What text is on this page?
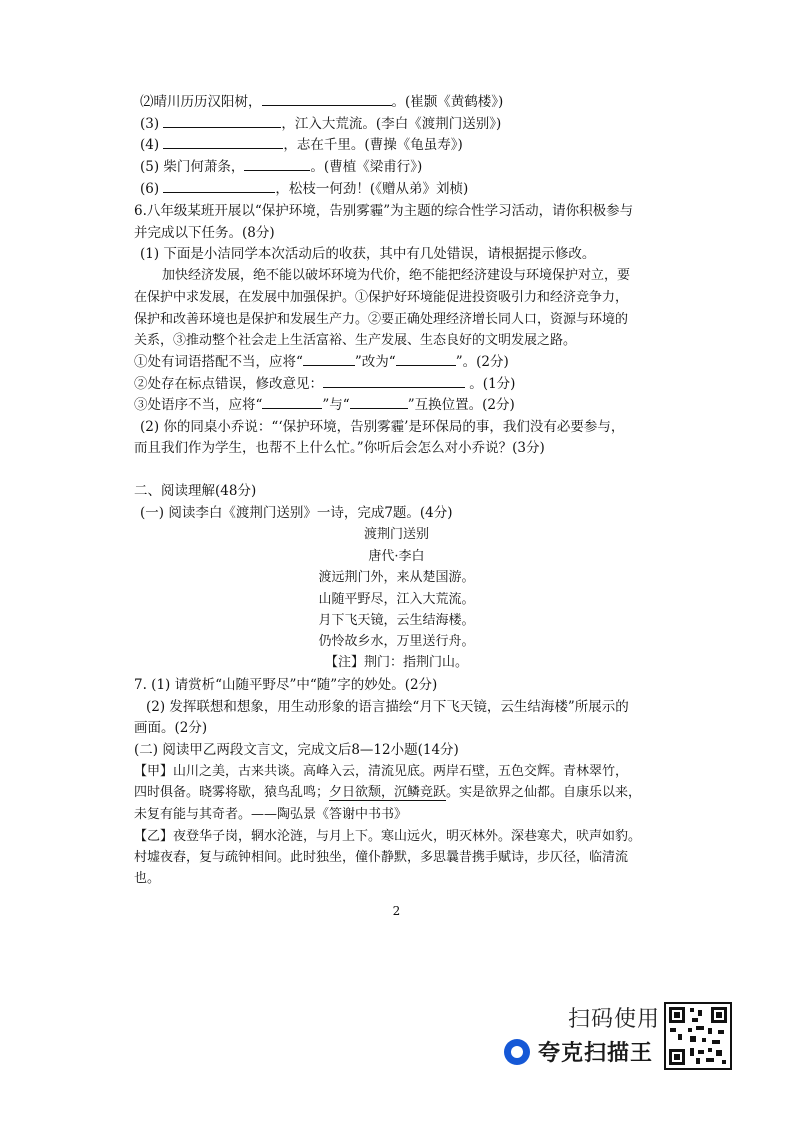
⑵晴川历历汉阳树，	。(崔颢《黄鹤楼》)
(3)	，江入大荒流。(李白《渡荆门送别》)
(4)	，志在千里。(曹操《龟虽寿》)
(5) 柴门何萧条，	。(曹植《梁甫行》)
(6)	，松枝一何劲！(《赠从弟》刘桢)
6.八年级某班开展以“保护环境，告别雾霾”为主题的综合性学习活动，请你积极参与
并完成以下任务。(8分)
(1) 下面是小洁同学本次活动后的收获，其中有几处错误，请根据提示修改。
加快经济发展，绝不能以破坏环境为代价，绝不能把经济建设与环境保护对立，要
在保护中求发展，在发展中加强保护。①保护好环境能促进投资吸引力和经济竞争力，
保护和改善环境也是保护和发展生产力。②要正确处理经济增长同人口，资源与环境的
关系，③推动整个社会走上生活富裕、生产发展、生态良好的文明发展之路。
①处有词语搭配不当，应将“	”改为“	”。(2分)
②处存在标点错误，修改意见：	。(1分)
③处语序不当，应将“	”与“	”互换位置。(2分)
(2) 你的同桌小乔说：“‘保护环境，告别雾霾’是环保局的事，我们没有必要参与，
而且我们作为学生，也帮不上什么忙。”你听后会怎么对小乔说？(3分)
二、阅读理解(48分)
(一) 阅读李白《渡荆门送别》一诗，完成7题。(4分)
渡荆门送别
唐代·李白
渡远荆门外，来从楚国游。
山随平野尽，江入大荒流。
月下飞天镜，云生结海楼。
仍怜故乡水，万里送行舟。
【注】荆门：指荆门山。
7. (1) 请赏析“山随平野尽”中“随”字的妙处。(2分)
(2) 发挥联想和想象，用生动形象的语言描绘“月下飞天镜，云生结海楼”所展示的
画面。(2分)
(二) 阅读甲乙两段文言文，完成文后8—12小题(14分)
【甲】山川之美，古来共谈。高峰入云，清流见底。两岸石壁，五色交辉。青林翠竹，
四时俱备。晓雾将歇，猿鸟乱鸣；夕日欲颓，沉鳞竞跃。实是欲界之仙都。自康乐以来，
未复有能与其奇者。——陶弘景《答谢中书书》
【乙】夜登华子岗，辋水沦涟，与月上下。寒山远火，明灭林外。深巷寒犬，吠声如豹。
村墟夜舂，复与疏钟相间。此时独坐，僮仆静默，多思曩昔携手赋诗，步仄径，临清流
也。
2
扫码使用
夸克扫描王
